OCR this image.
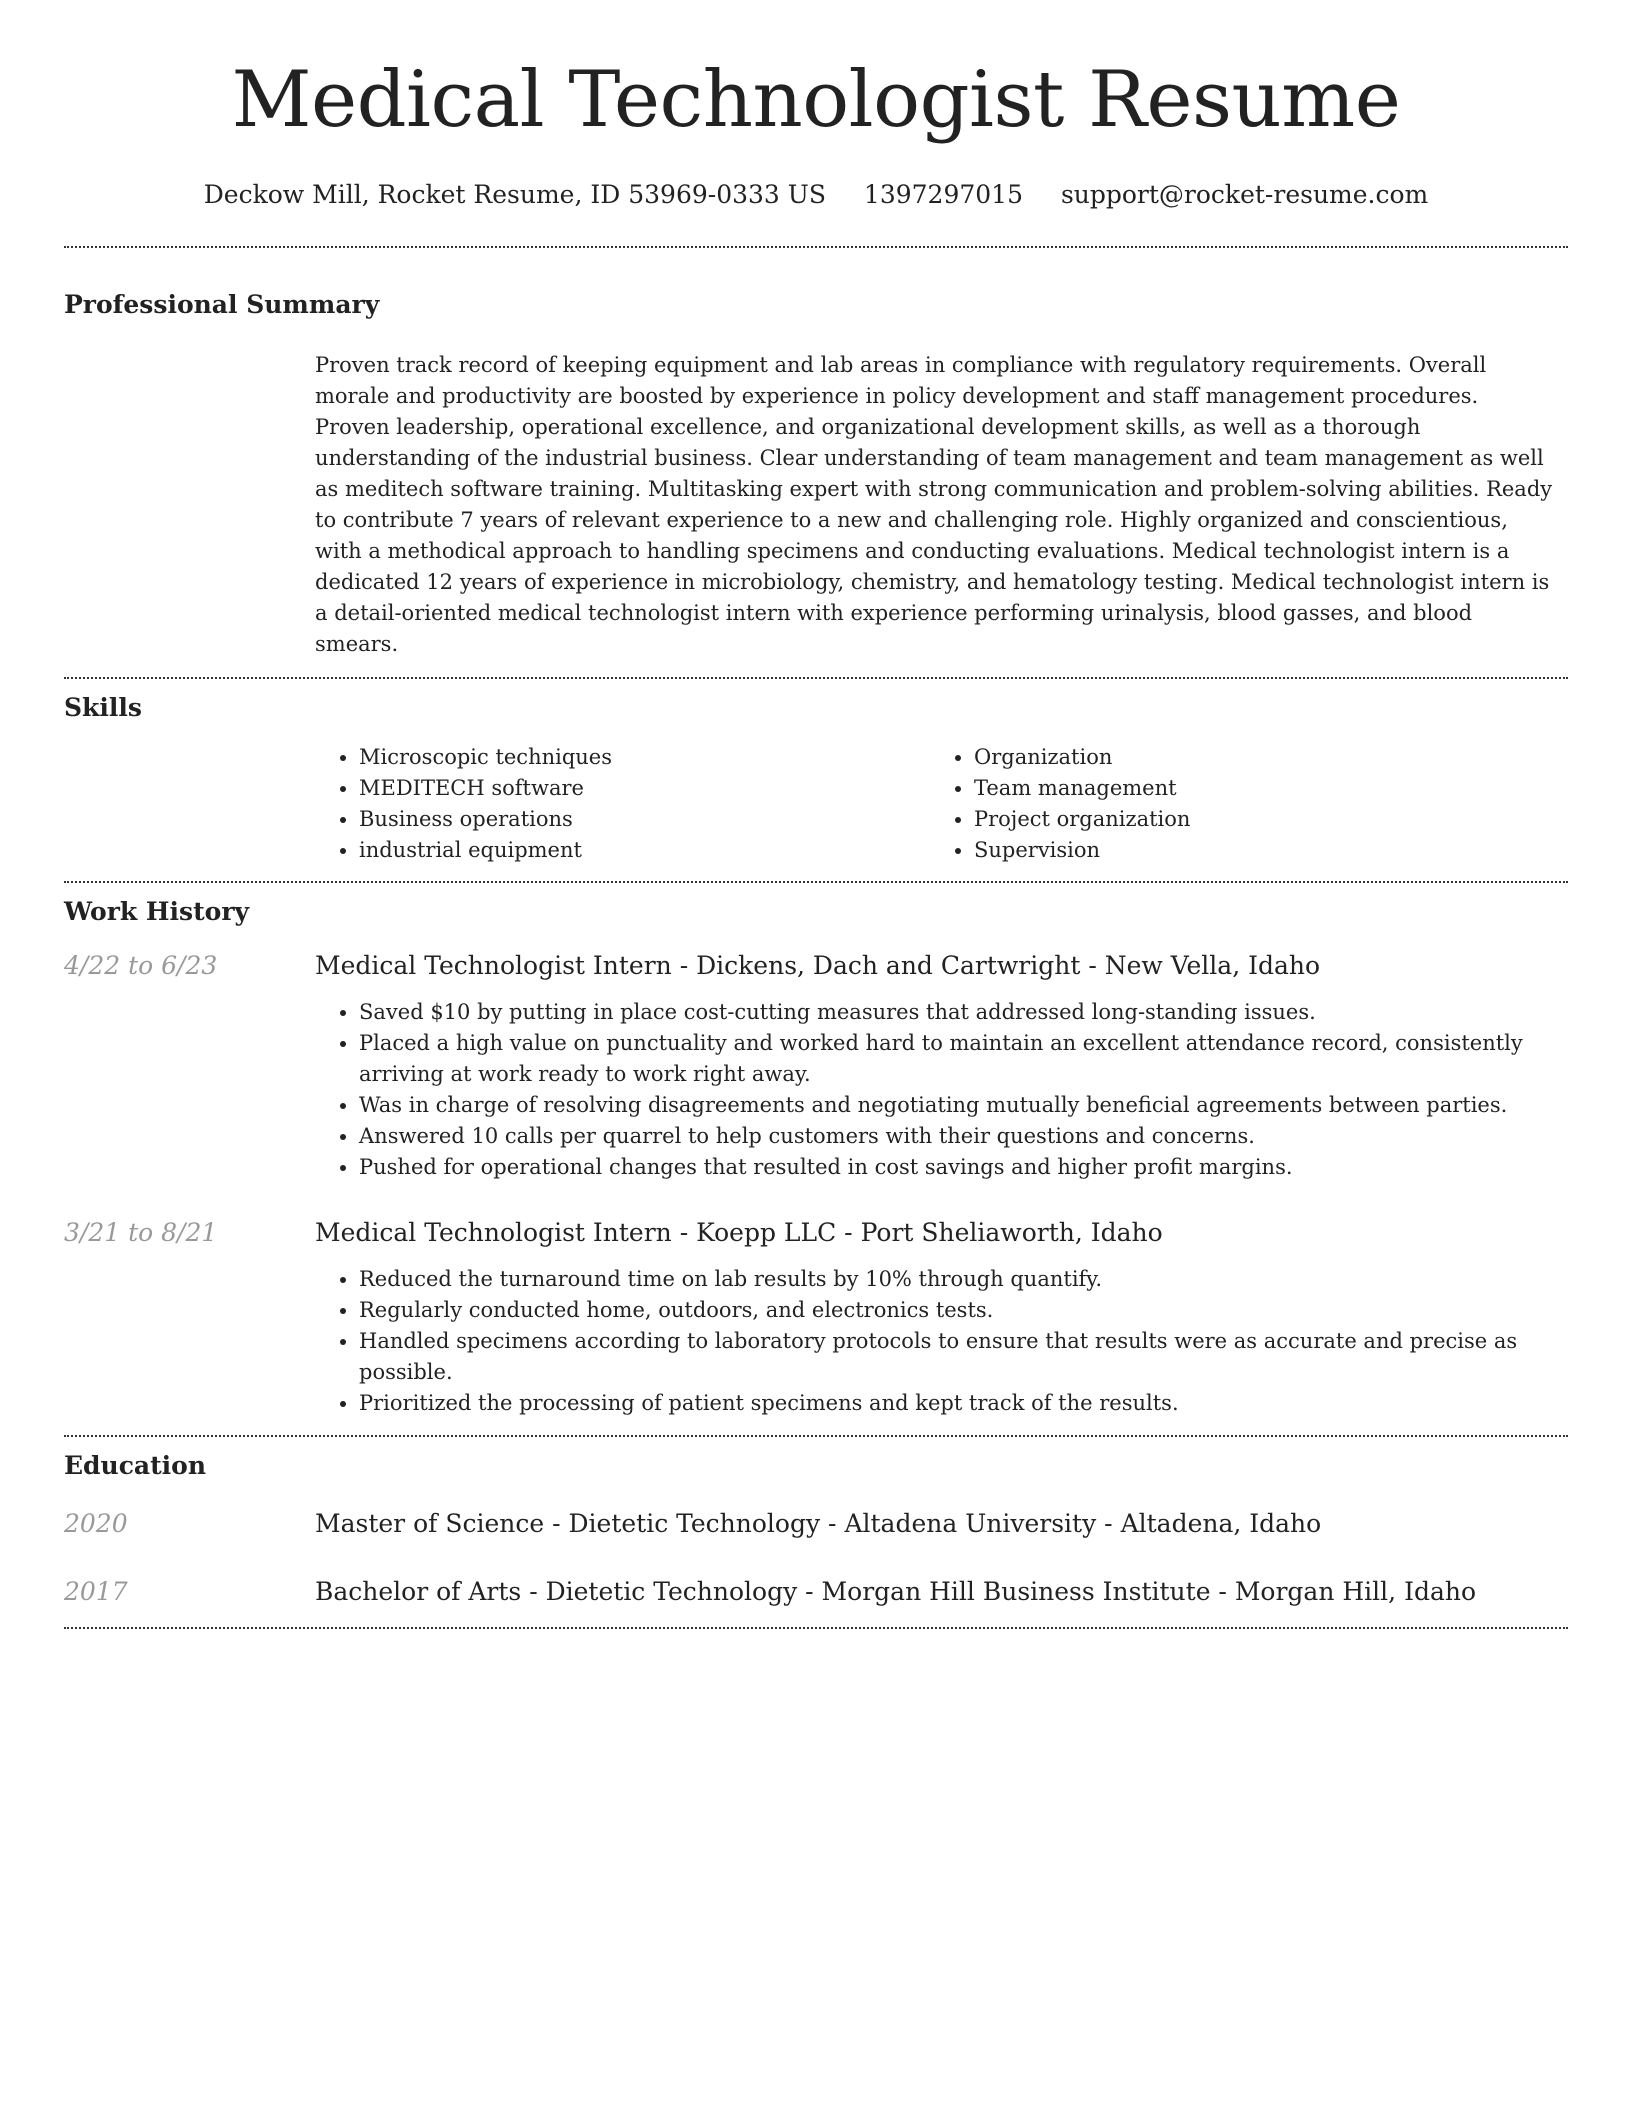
Medical Technologist Resume
Deckow Mill, Rocket Resume, ID 53969-0333 US 1397297015 support@rocket-resume.com
Professional Summary

Proven track record of keeping equipment and lab areas in compliance with regulatory requirements. Overall morale and productivity are boosted by experience in policy development and staff management procedures. Proven leadership, operational excellence, and organizational development skills, as well as a thorough understanding of the industrial business. Clear understanding of team management and team management as well as meditech software training. Multitasking expert with strong communication and problem-solving abilities. Ready to contribute 7 years of relevant experience to a new and challenging role. Highly organized and conscientious, with a methodical approach to handling specimens and conducting evaluations. Medical technologist intern is a dedicated 12 years of experience in microbiology, chemistry, and hematology testing. Medical technologist intern is a detail-oriented medical technologist intern with experience performing urinalysis, blood gasses, and blood smears.

Skills
• Microscopic techniques
• MEDITECH software
• Business operations
• industrial equipment
• Organization
• Team management
• Project organization
• Supervision
Work History
4/22 to 6/23	Medical Technologist Intern - Dickens, Dach and Cartwright - New Vella, Idaho
• Saved $10 by putting in place cost-cutting measures that addressed long-standing issues.
• Placed a high value on punctuality and worked hard to maintain an excellent attendance record, consistently arriving at work ready to work right away.
• Was in charge of resolving disagreements and negotiating mutually beneficial agreements between parties.
• Answered 10 calls per quarrel to help customers with their questions and concerns.
• Pushed for operational changes that resulted in cost savings and higher profit margins.
3/21 to 8/21	Medical Technologist Intern - Koepp LLC - Port Sheliaworth, Idaho
• Reduced the turnaround time on lab results by 10% through quantify.
• Regularly conducted home, outdoors, and electronics tests.
• Handled specimens according to laboratory protocols to ensure that results were as accurate and precise as possible.
• Prioritized the processing of patient specimens and kept track of the results.
Education
2020	Master of Science - Dietetic Technology - Altadena University - Altadena, Idaho
2017	Bachelor of Arts - Dietetic Technology - Morgan Hill Business Institute - Morgan Hill, Idaho
